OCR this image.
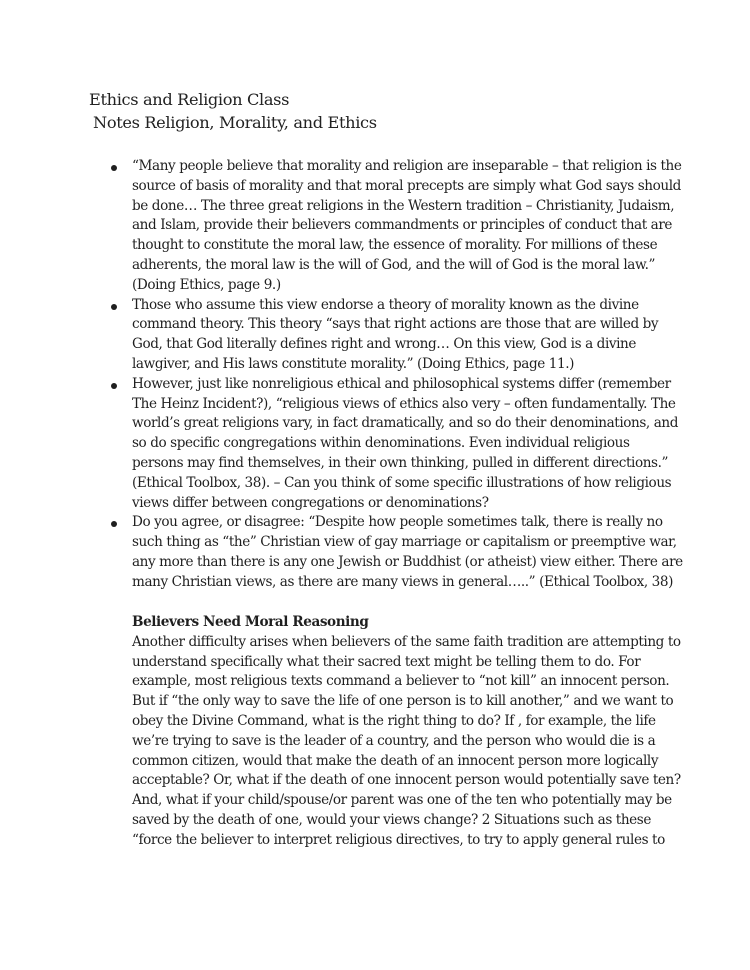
Ethics and Religion Class
Notes Religion, Morality, and Ethics
“Many people believe that morality and religion are inseparable – that religion is the
source of basis of morality and that moral precepts are simply what God says should
be done… The three great religions in the Western tradition – Christianity, Judaism,
and Islam, provide their believers commandments or principles of conduct that are
thought to constitute the moral law, the essence of morality. For millions of these
adherents, the moral law is the will of God, and the will of God is the moral law.”
(Doing Ethics, page 9.)
Those who assume this view endorse a theory of morality known as the divine
command theory. This theory “says that right actions are those that are willed by
God, that God literally defines right and wrong… On this view, God is a divine
lawgiver, and His laws constitute morality.” (Doing Ethics, page 11.)
However, just like nonreligious ethical and philosophical systems differ (remember
The Heinz Incident?), “religious views of ethics also very – often fundamentally. The
world’s great religions vary, in fact dramatically, and so do their denominations, and
so do specific congregations within denominations. Even individual religious
persons may find themselves, in their own thinking, pulled in different directions.”
(Ethical Toolbox, 38). – Can you think of some specific illustrations of how religious
views differ between congregations or denominations?
Do you agree, or disagree: “Despite how people sometimes talk, there is really no
such thing as “the” Christian view of gay marriage or capitalism or preemptive war,
any more than there is any one Jewish or Buddhist (or atheist) view either. There are
many Christian views, as there are many views in general…..” (Ethical Toolbox, 38)
Believers Need Moral Reasoning
Another difficulty arises when believers of the same faith tradition are attempting to
understand specifically what their sacred text might be telling them to do. For
example, most religious texts command a believer to “not kill” an innocent person.
But if “the only way to save the life of one person is to kill another,” and we want to
obey the Divine Command, what is the right thing to do? If , for example, the life
we’re trying to save is the leader of a country, and the person who would die is a
common citizen, would that make the death of an innocent person more logically
acceptable? Or, what if the death of one innocent person would potentially save ten?
And, what if your child/spouse/or parent was one of the ten who potentially may be
saved by the death of one, would your views change? 2 Situations such as these
“force the believer to interpret religious directives, to try to apply general rules to
